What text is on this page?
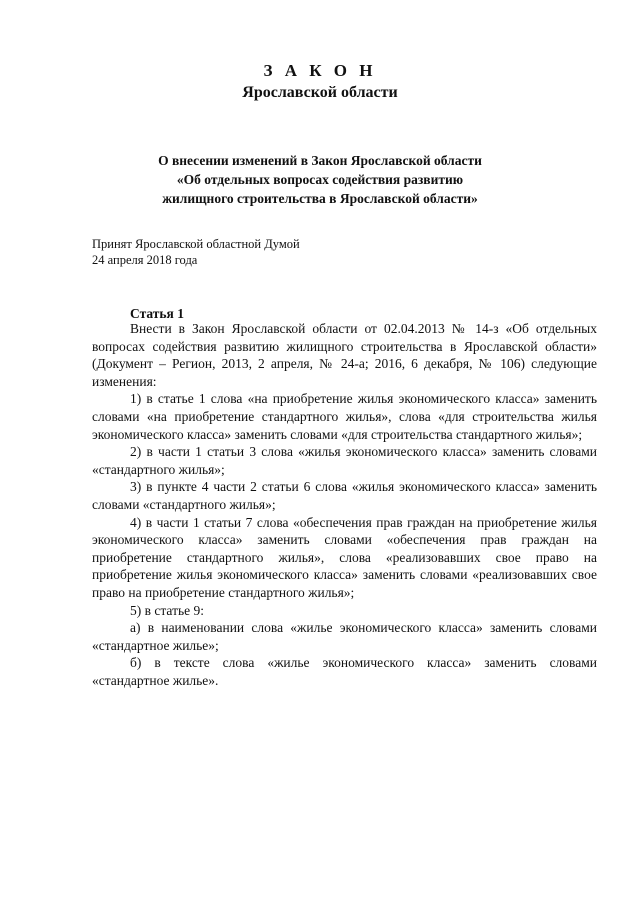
З А К О Н
Ярославской области
О внесении изменений в Закон Ярославской области
«Об отдельных вопросах содействия развитию
жилищного строительства в Ярославской области»
Принят Ярославской областной Думой
24 апреля 2018 года
Статья 1

Внести в Закон Ярославской области от 02.04.2013 № 14-з «Об отдельных вопросах содействия развитию жилищного строительства в Ярославской области» (Документ – Регион, 2013, 2 апреля, № 24-а; 2016, 6 декабря, № 106) следующие изменения:

1) в статье 1 слова «на приобретение жилья экономического класса» заменить словами «на приобретение стандартного жилья», слова «для строительства жилья экономического класса» заменить словами «для строительства стандартного жилья»;

2) в части 1 статьи 3 слова «жилья экономического класса» заменить словами «стандартного жилья»;

3) в пункте 4 части 2 статьи 6 слова «жилья экономического класса» заменить словами «стандартного жилья»;

4) в части 1 статьи 7 слова «обеспечения прав граждан на приобретение жилья экономического класса» заменить словами «обеспечения прав граждан на приобретение стандартного жилья», слова «реализовавших свое право на приобретение жилья экономического класса» заменить словами «реализовавших свое право на приобретение стандартного жилья»;

5) в статье 9:

а) в наименовании слова «жилье экономического класса» заменить словами «стандартное жилье»;

б) в тексте слова «жилье экономического класса» заменить словами «стандартное жилье».
